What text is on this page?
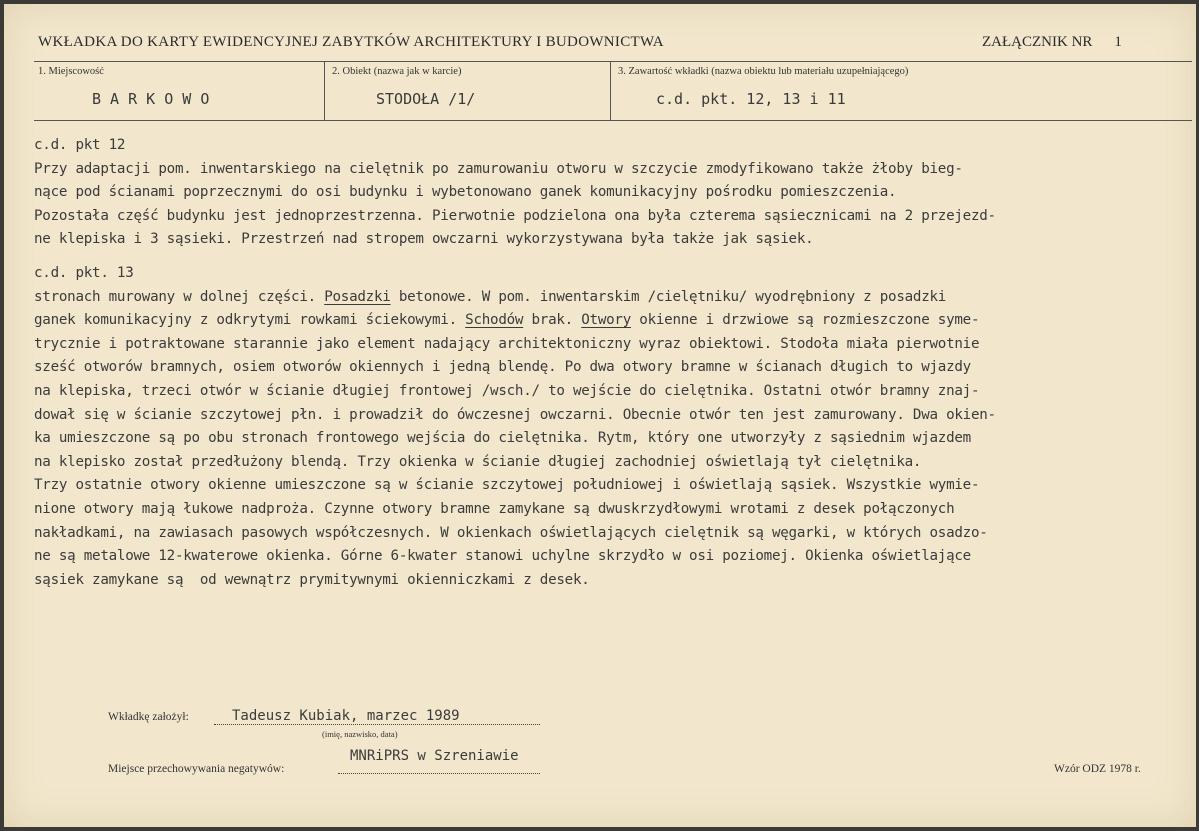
WKŁADKA DO KARTY EWIDENCYJNEJ ZABYTKÓW ARCHITEKTURY I BUDOWNICTWA	ZAŁĄCZNIK NR 1
1. Miejscowość
B A R K O W O
2. Obiekt (nazwa jak w karcie)
STODOŁA /1/
3. Zawartość wkładki (nazwa obiektu lub materiału uzupełniającego)
c.d. pkt. 12, 13 i 11
c.d. pkt 12
Przy adaptacji pom. inwentarskiego na cielętnik po zamurowaniu otworu w szczycie zmodyfikowano także żłoby bieg-
nące pod ścianami poprzecznymi do osi budynku i wybetonowano ganek komunikacyjny pośrodku pomieszczenia.
Pozostała część budynku jest jednoprzestrzenna. Pierwotnie podzielona ona była czterema sąsiecznicami na 2 przejezd-
ne klepiska i 3 sąsieki. Przestrzeń nad stropem owczarni wykorzystywana była także jak sąsiek.
c.d. pkt. 13
stronach murowany w dolnej części. Posadzki betonowe. W pom. inwentarskim /cielętniku/ wyodrębniony z posadzki
ganek komunikacyjny z odkrytymi rowkami ściekowymi. Schodów brak. Otwory okienne i drzwiowe są rozmieszczone syme-
trycznie i potraktowane starannie jako element nadający architektoniczny wyraz obiektowi. Stodoła miała pierwotnie
sześć otworów bramnych, osiem otworów okiennych i jedną blendę. Po dwa otwory bramne w ścianach długich to wjazdy
na klepiska, trzeci otwór w ścianie długiej frontowej /wsch./ to wejście do cielętnika. Ostatni otwór bramny znaj-
dował się w ścianie szczytowej płn. i prowadził do ówczesnej owczarni. Obecnie otwór ten jest zamurowany. Dwa okien-
ka umieszczone są po obu stronach frontowego wejścia do cielętnika. Rytm, który one utworzyły z sąsiednim wjazdem
na klepisko został przedłużony blendą. Trzy okienka w ścianie długiej zachodniej oświetlają tył cielętnika.
Trzy ostatnie otwory okienne umieszczone są w ścianie szczytowej południowej i oświetlają sąsiek. Wszystkie wymie-
nione otwory mają łukowe nadproża. Czynne otwory bramne zamykane są dwuskrzydłowymi wrotami z desek połączonych
nakładkami, na zawiasach pasowych współczesnych. W okienkach oświetlających cielętnik są węgarki, w których osadzo-
ne są metalowe 12-kwaterowe okienka. Górne 6-kwater stanowi uchylne skrzydło w osi poziomej. Okienka oświetlające
sąsiek zamykane są  od wewnątrz prymitywnymi okienniczkami z desek.
Wkładkę założył:	Tadeusz Kubiak, marzec 1989
(imię, nazwisko, data)
Miejsce przechowywania negatywów:
MNRiPRS w Szreniawie
Wzór ODZ 1978 r.
